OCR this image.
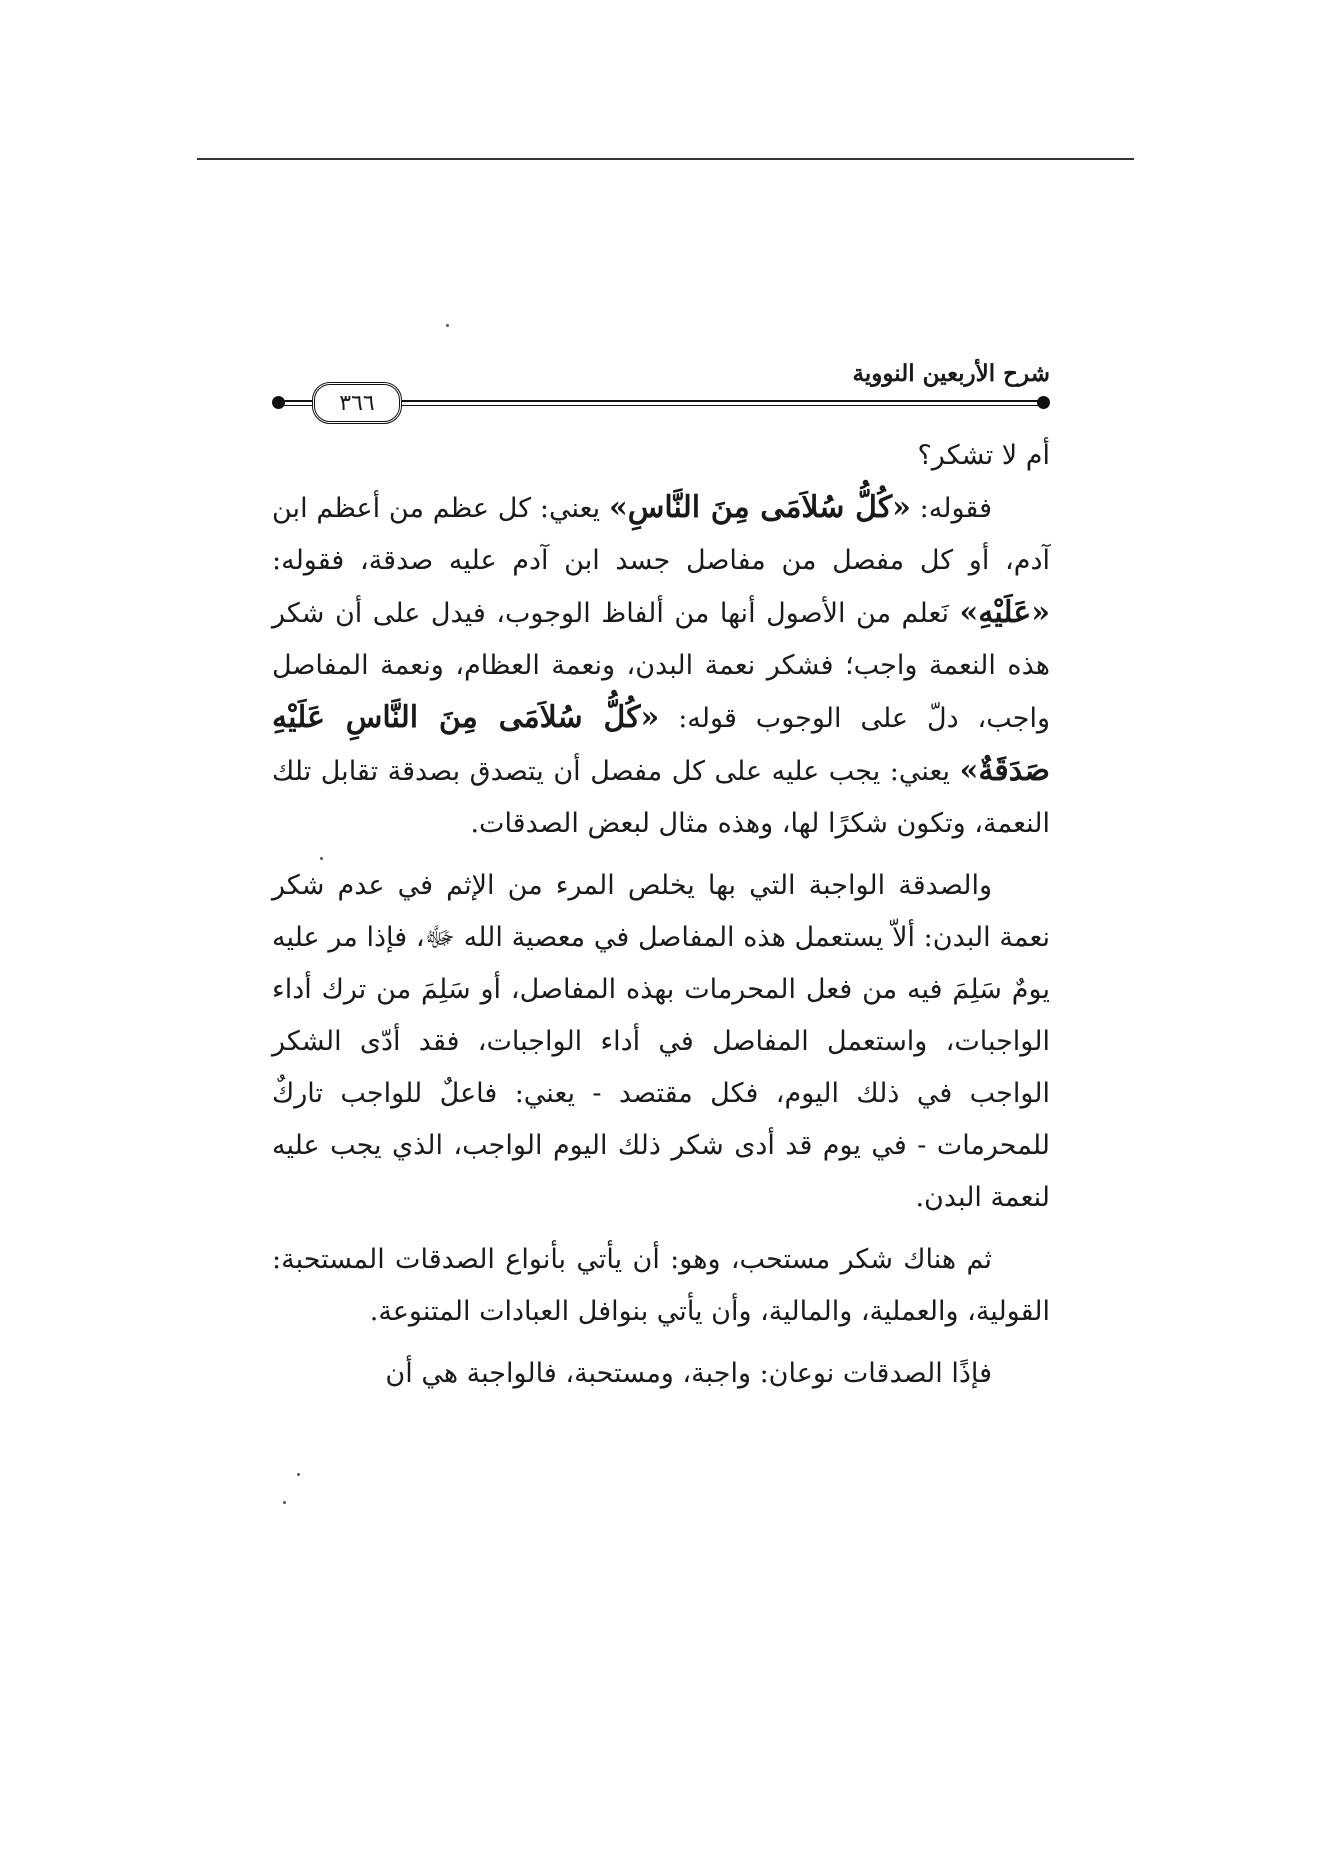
شرح الأربعين النووية
٣٦٦

أم لا تشكر؟

فقوله: «كُلُّ سُلاَمَى مِنَ النَّاسِ» يعني: كل عظم من أعظم ابن آدم، أو كل مفصل من مفاصل جسد ابن آدم عليه صدقة، فقوله: «عَلَيْهِ» نَعلم من الأصول أنها من ألفاظ الوجوب، فيدل على أن شكر هذه النعمة واجب؛ فشكر نعمة البدن، ونعمة العظام، ونعمة المفاصل واجب، دلّ على الوجوب قوله: «كُلُّ سُلاَمَى مِنَ النَّاسِ عَلَيْهِ صَدَقَةٌ» يعني: يجب عليه على كل مفصل أن يتصدق بصدقة تقابل تلك النعمة، وتكون شكرًا لها، وهذه مثال لبعض الصدقات.

والصدقة الواجبة التي بها يخلص المرء من الإثم في عدم شكر نعمة البدن: ألاّ يستعمل هذه المفاصل في معصية الله ﷻ، فإذا مر عليه يومٌ سَلِمَ فيه من فعل المحرمات بهذه المفاصل، أو سَلِمَ من ترك أداء الواجبات، واستعمل المفاصل في أداء الواجبات، فقد أدّى الشكر الواجب في ذلك اليوم، فكل مقتصد - يعني: فاعلٌ للواجب تاركٌ للمحرمات - في يوم قد أدى شكر ذلك اليوم الواجب، الذي يجب عليه لنعمة البدن.

ثم هناك شكر مستحب، وهو: أن يأتي بأنواع الصدقات المستحبة: القولية، والعملية، والمالية، وأن يأتي بنوافل العبادات المتنوعة.

فإذًا الصدقات نوعان: واجبة، ومستحبة، فالواجبة هي أن
